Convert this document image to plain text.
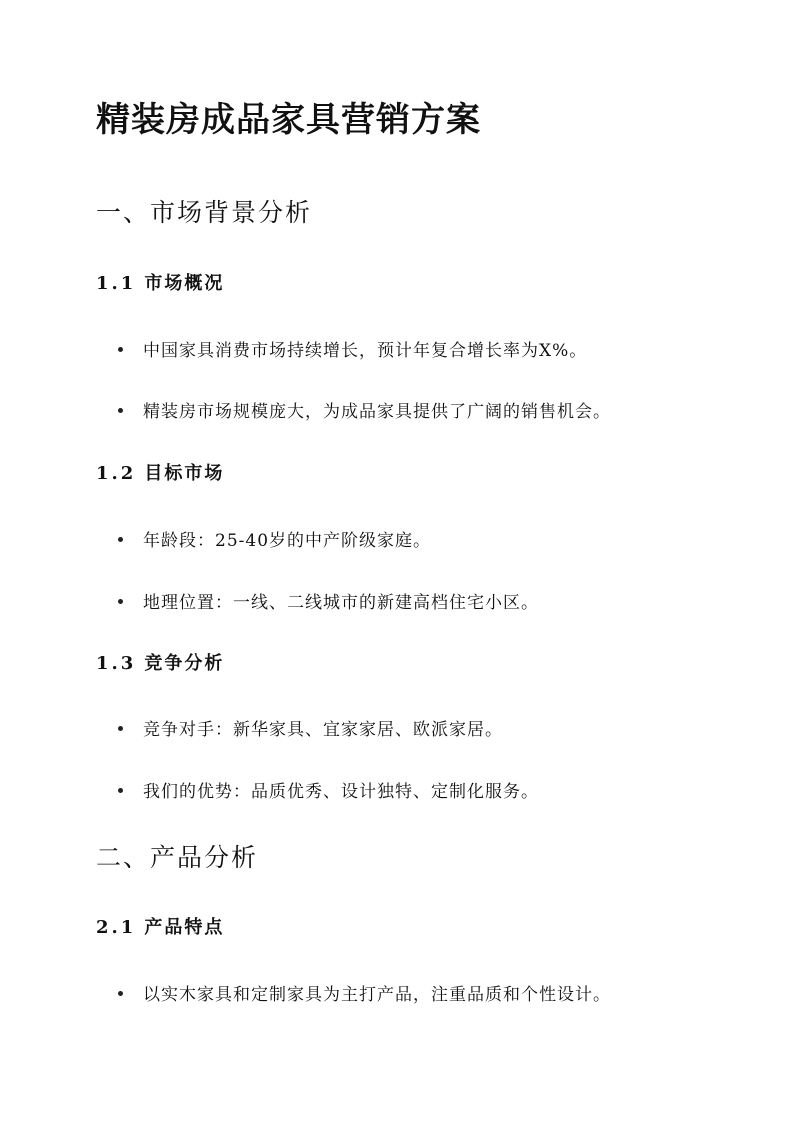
精装房成品家具营销方案
一、市场背景分析
1.1 市场概况
中国家具消费市场持续增长，预计年复合增长率为X%。
精装房市场规模庞大，为成品家具提供了广阔的销售机会。
1.2 目标市场
年龄段：25-40岁的中产阶级家庭。
地理位置：一线、二线城市的新建高档住宅小区。
1.3 竞争分析
竞争对手：新华家具、宜家家居、欧派家居。
我们的优势：品质优秀、设计独特、定制化服务。
二、产品分析
2.1 产品特点
以实木家具和定制家具为主打产品，注重品质和个性设计。
